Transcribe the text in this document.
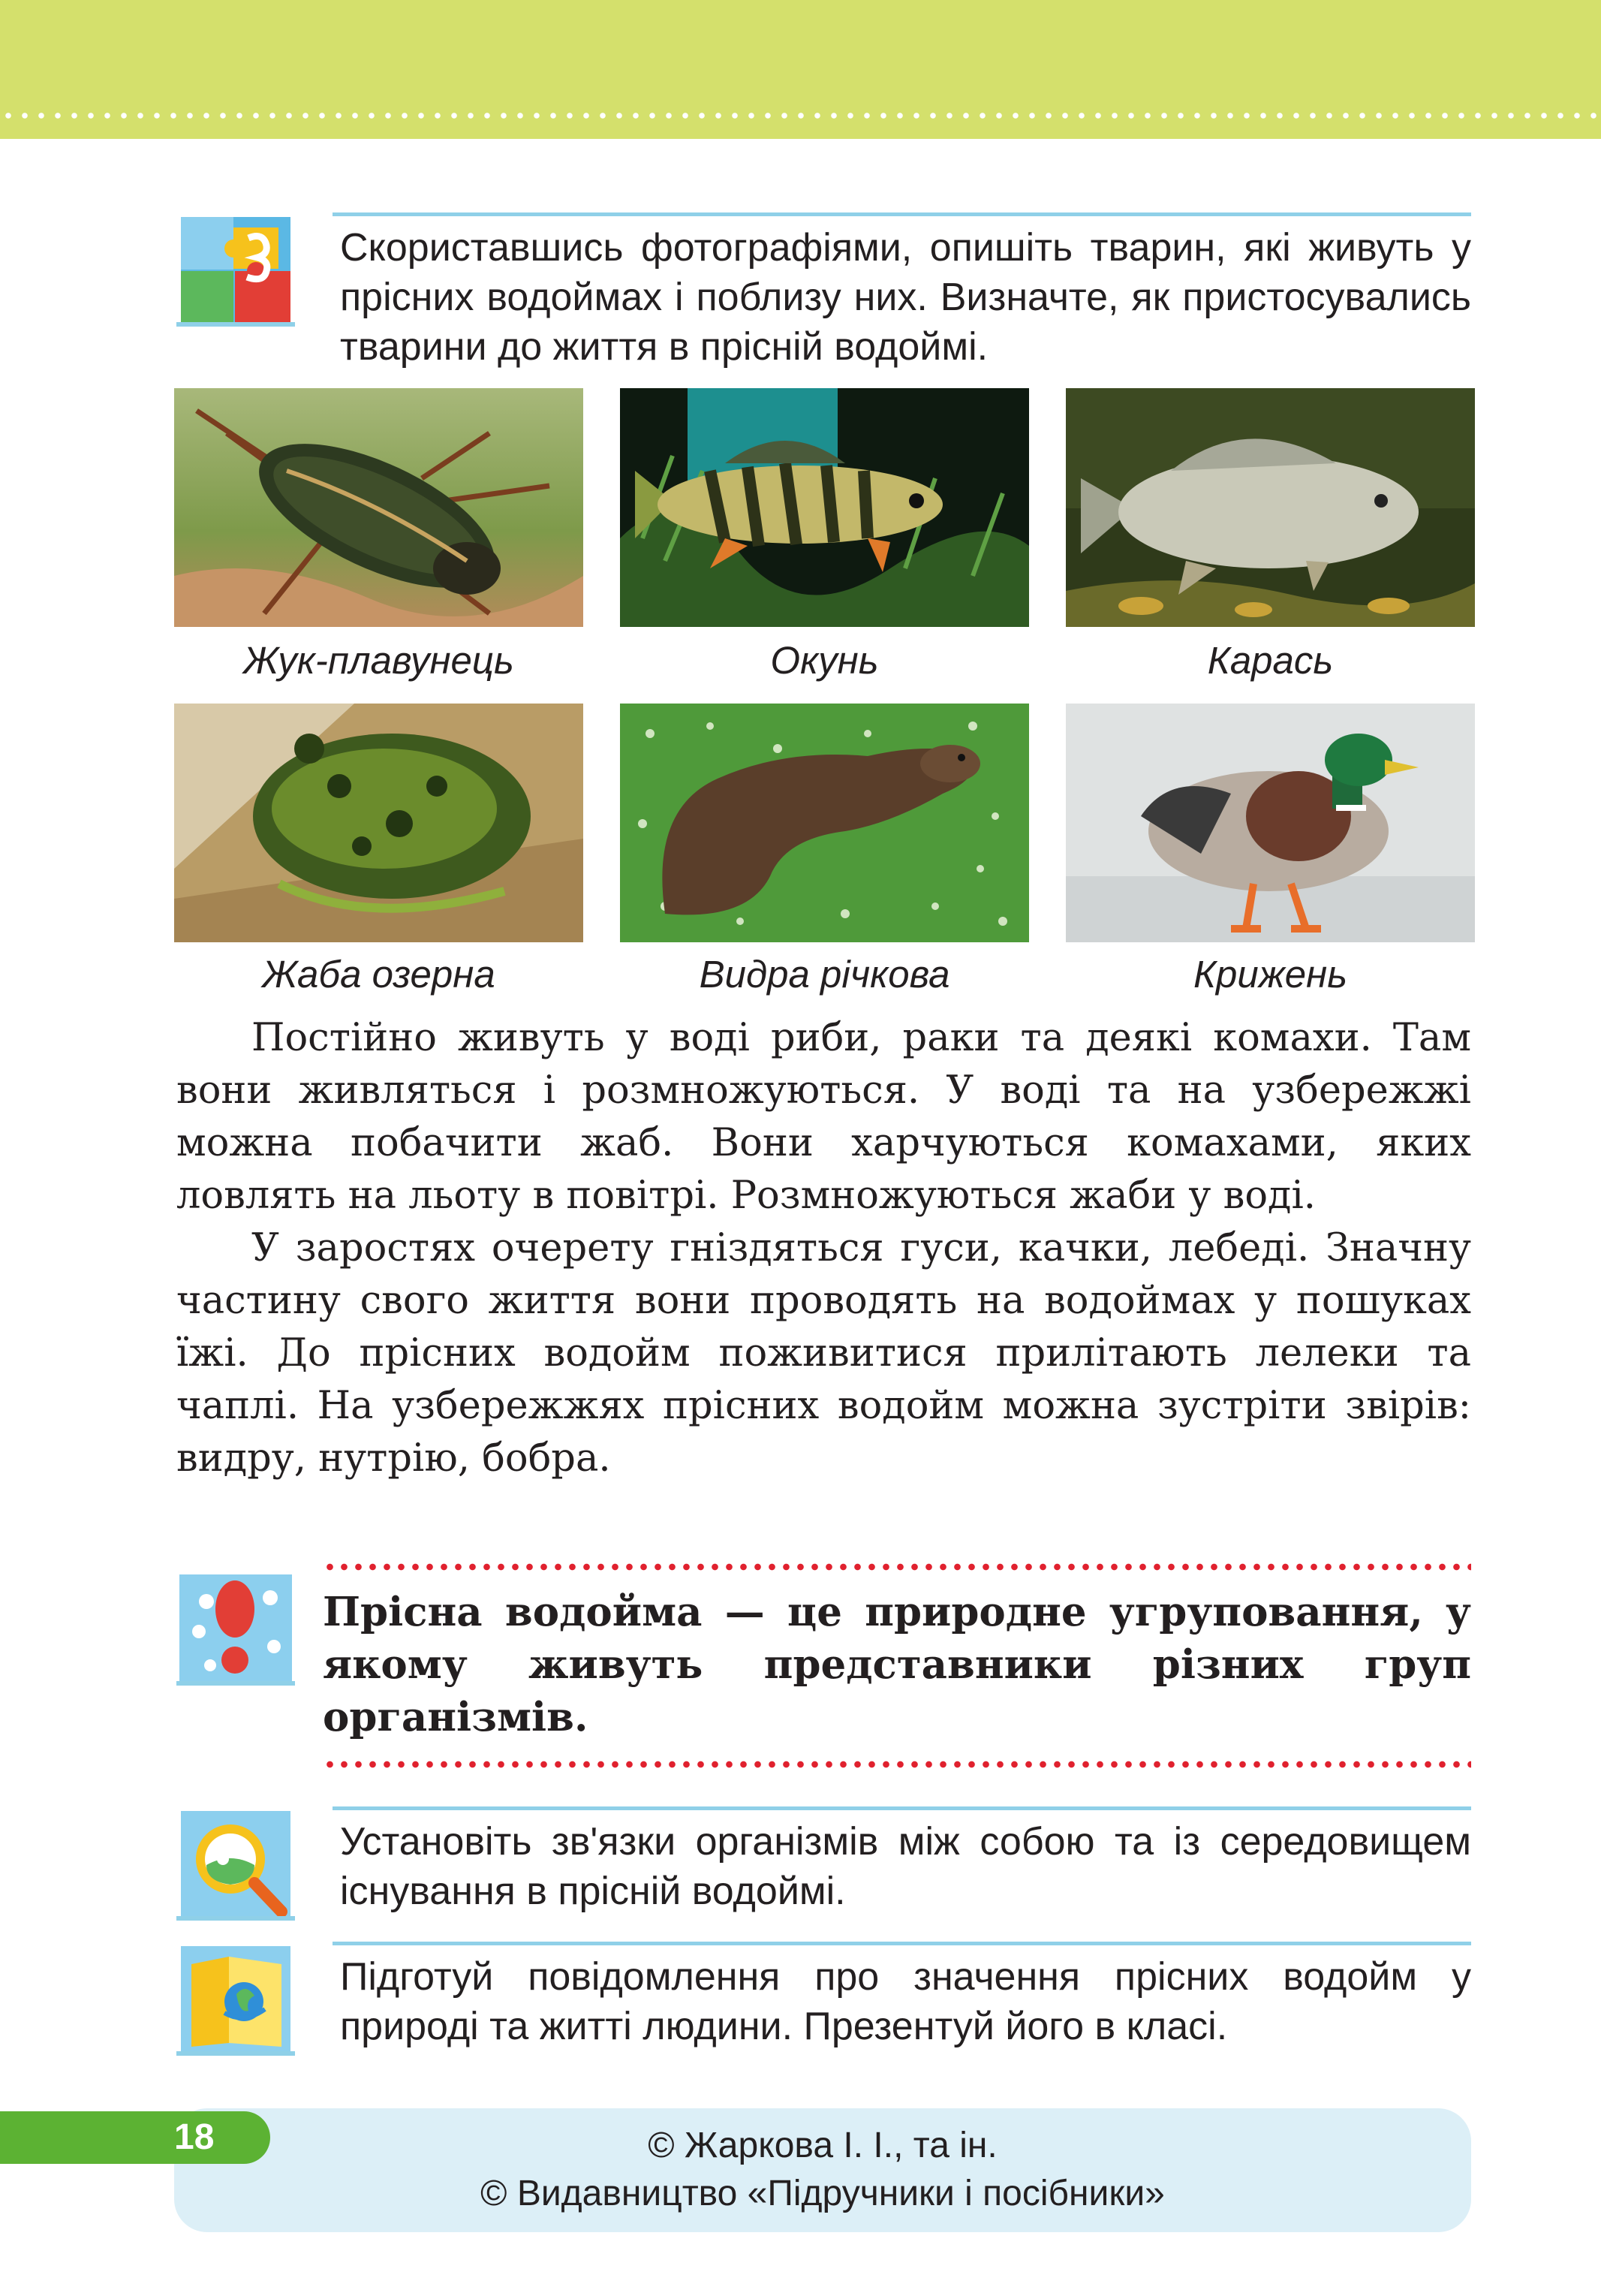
Скориставшись фотографіями, опишіть тварин, які живуть у прісних водоймах і поблизу них. Визначте, як пристосувались тварини до життя в прісній водоймі.
Жук-плавунець	Окунь	Карась
Жаба озерна	Видра річкова	Крижень

Постійно живуть у воді риби, раки та деякі комахи. Там вони живляться і розмножуються. У воді та на узбережжі можна побачити жаб. Вони харчуються комахами, яких ловлять на льоту в повітрі. Розмножуються жаби у воді.

У заростях очерету гніздяться гуси, качки, лебеді. Значну частину свого життя вони проводять на водоймах у пошуках їжі. До прісних водойм поживитися прилітають лелеки та чаплі. На узбережжях прісних водойм можна зустріти звірів: видру, нутрію, бобра.

Прісна водойма — це природне угруповання, у якому живуть представники різних груп організмів.
Установіть зв'язки організмів між собою та із середовищем існування в прісній водоймі.
Підготуй повідомлення про значення прісних водойм у природі та житті людини. Презентуй його в класі.
18	© Жаркова І. І., та ін.
© Видавництво «Підручники і посібники»
